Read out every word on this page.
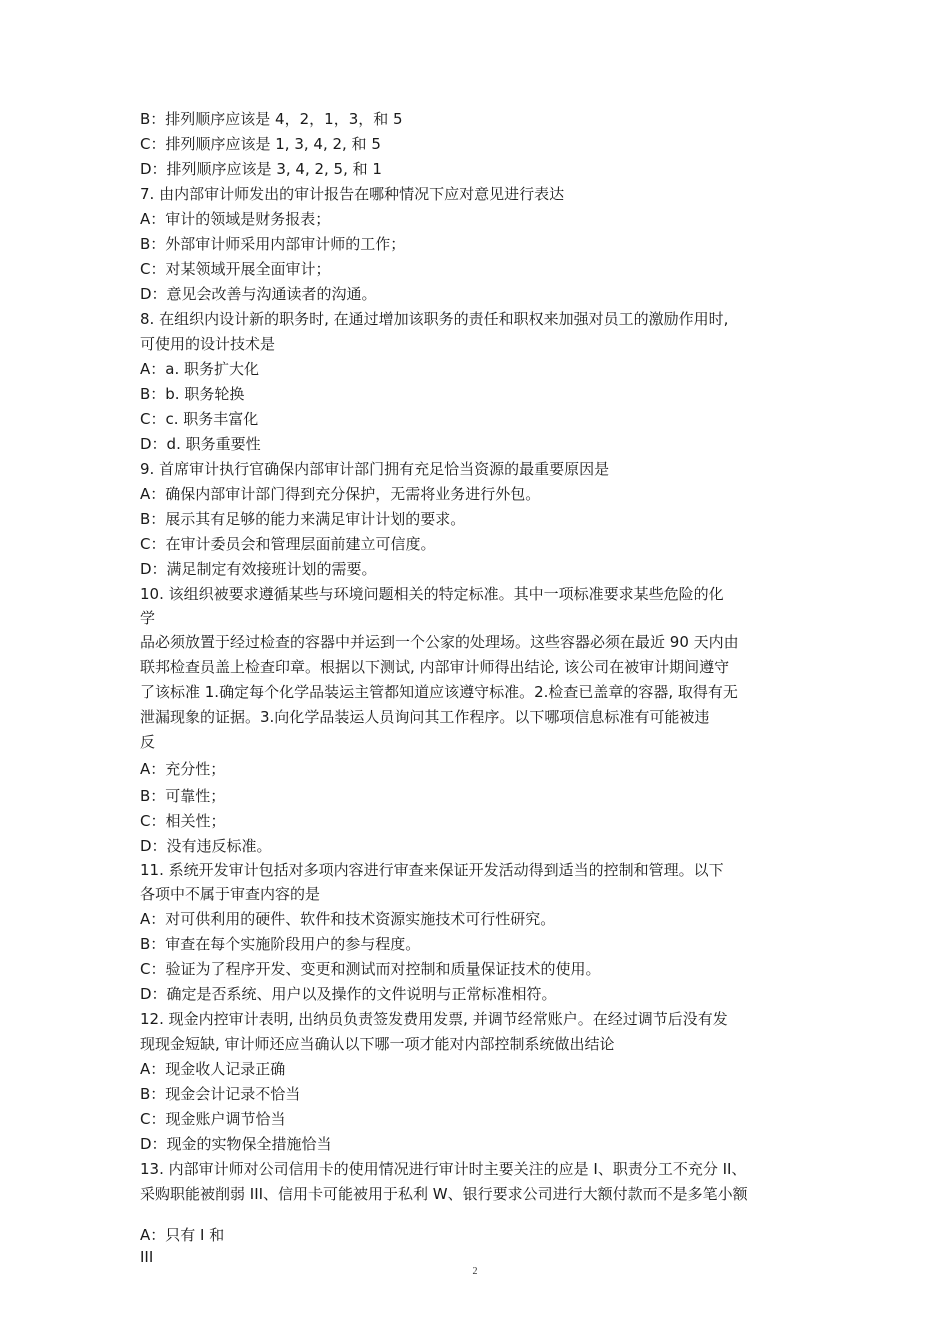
B：排列顺序应该是 4，2，1，3，和 5
C：排列顺序应该是 1, 3, 4, 2, 和 5
D：排列顺序应该是 3, 4, 2, 5, 和 1
7. 由内部审计师发出的审计报告在哪种情况下应对意见进行表达
A：审计的领域是财务报表；
B：外部审计师采用内部审计师的工作；
C：对某领域开展全面审计；
D：意见会改善与沟通读者的沟通。
8. 在组织内设计新的职务时, 在通过增加该职务的责任和职权来加强对员工的激励作用时,
可使用的设计技术是
A：a. 职务扩大化
B：b. 职务轮换
C：c. 职务丰富化
D：d. 职务重要性
9. 首席审计执行官确保内部审计部门拥有充足恰当资源的最重要原因是
A：确保内部审计部门得到充分保护，无需将业务进行外包。
B：展示其有足够的能力来满足审计计划的要求。
C：在审计委员会和管理层面前建立可信度。
D：满足制定有效接班计划的需要。
10. 该组织被要求遵循某些与环境问题相关的特定标准。其中一项标准要求某些危险的化
学
品必须放置于经过检查的容器中并运到一个公家的处理场。这些容器必须在最近 90 天内由
联邦检查员盖上检查印章。根据以下测试, 内部审计师得出结论, 该公司在被审计期间遵守
了该标准 1.确定每个化学品装运主管都知道应该遵守标准。2.检查已盖章的容器, 取得有无
泄漏现象的证据。3.向化学品装运人员询问其工作程序。以下哪项信息标准有可能被违
反
A：充分性；
B：可靠性；
C：相关性；
D：没有违反标准。
11. 系统开发审计包括对多项内容进行审查来保证开发活动得到适当的控制和管理。以下
各项中不属于审查内容的是
A：对可供利用的硬件、软件和技术资源实施技术可行性研究。
B：审查在每个实施阶段用户的参与程度。
C：验证为了程序开发、变更和测试而对控制和质量保证技术的使用。
D：确定是否系统、用户以及操作的文件说明与正常标准相符。
12. 现金内控审计表明, 出纳员负责签发费用发票, 并调节经常账户。在经过调节后没有发
现现金短缺, 审计师还应当确认以下哪一项才能对内部控制系统做出结论
A：现金收人记录正确
B：现金会计记录不恰当
C：现金账户调节恰当
D：现金的实物保全措施恰当
13. 内部审计师对公司信用卡的使用情况进行审计时主要关注的应是 I、职责分工不充分 II、
采购职能被削弱 III、信用卡可能被用于私利 W、银行要求公司进行大额付款而不是多笔小额
A：只有 I 和
III
2
